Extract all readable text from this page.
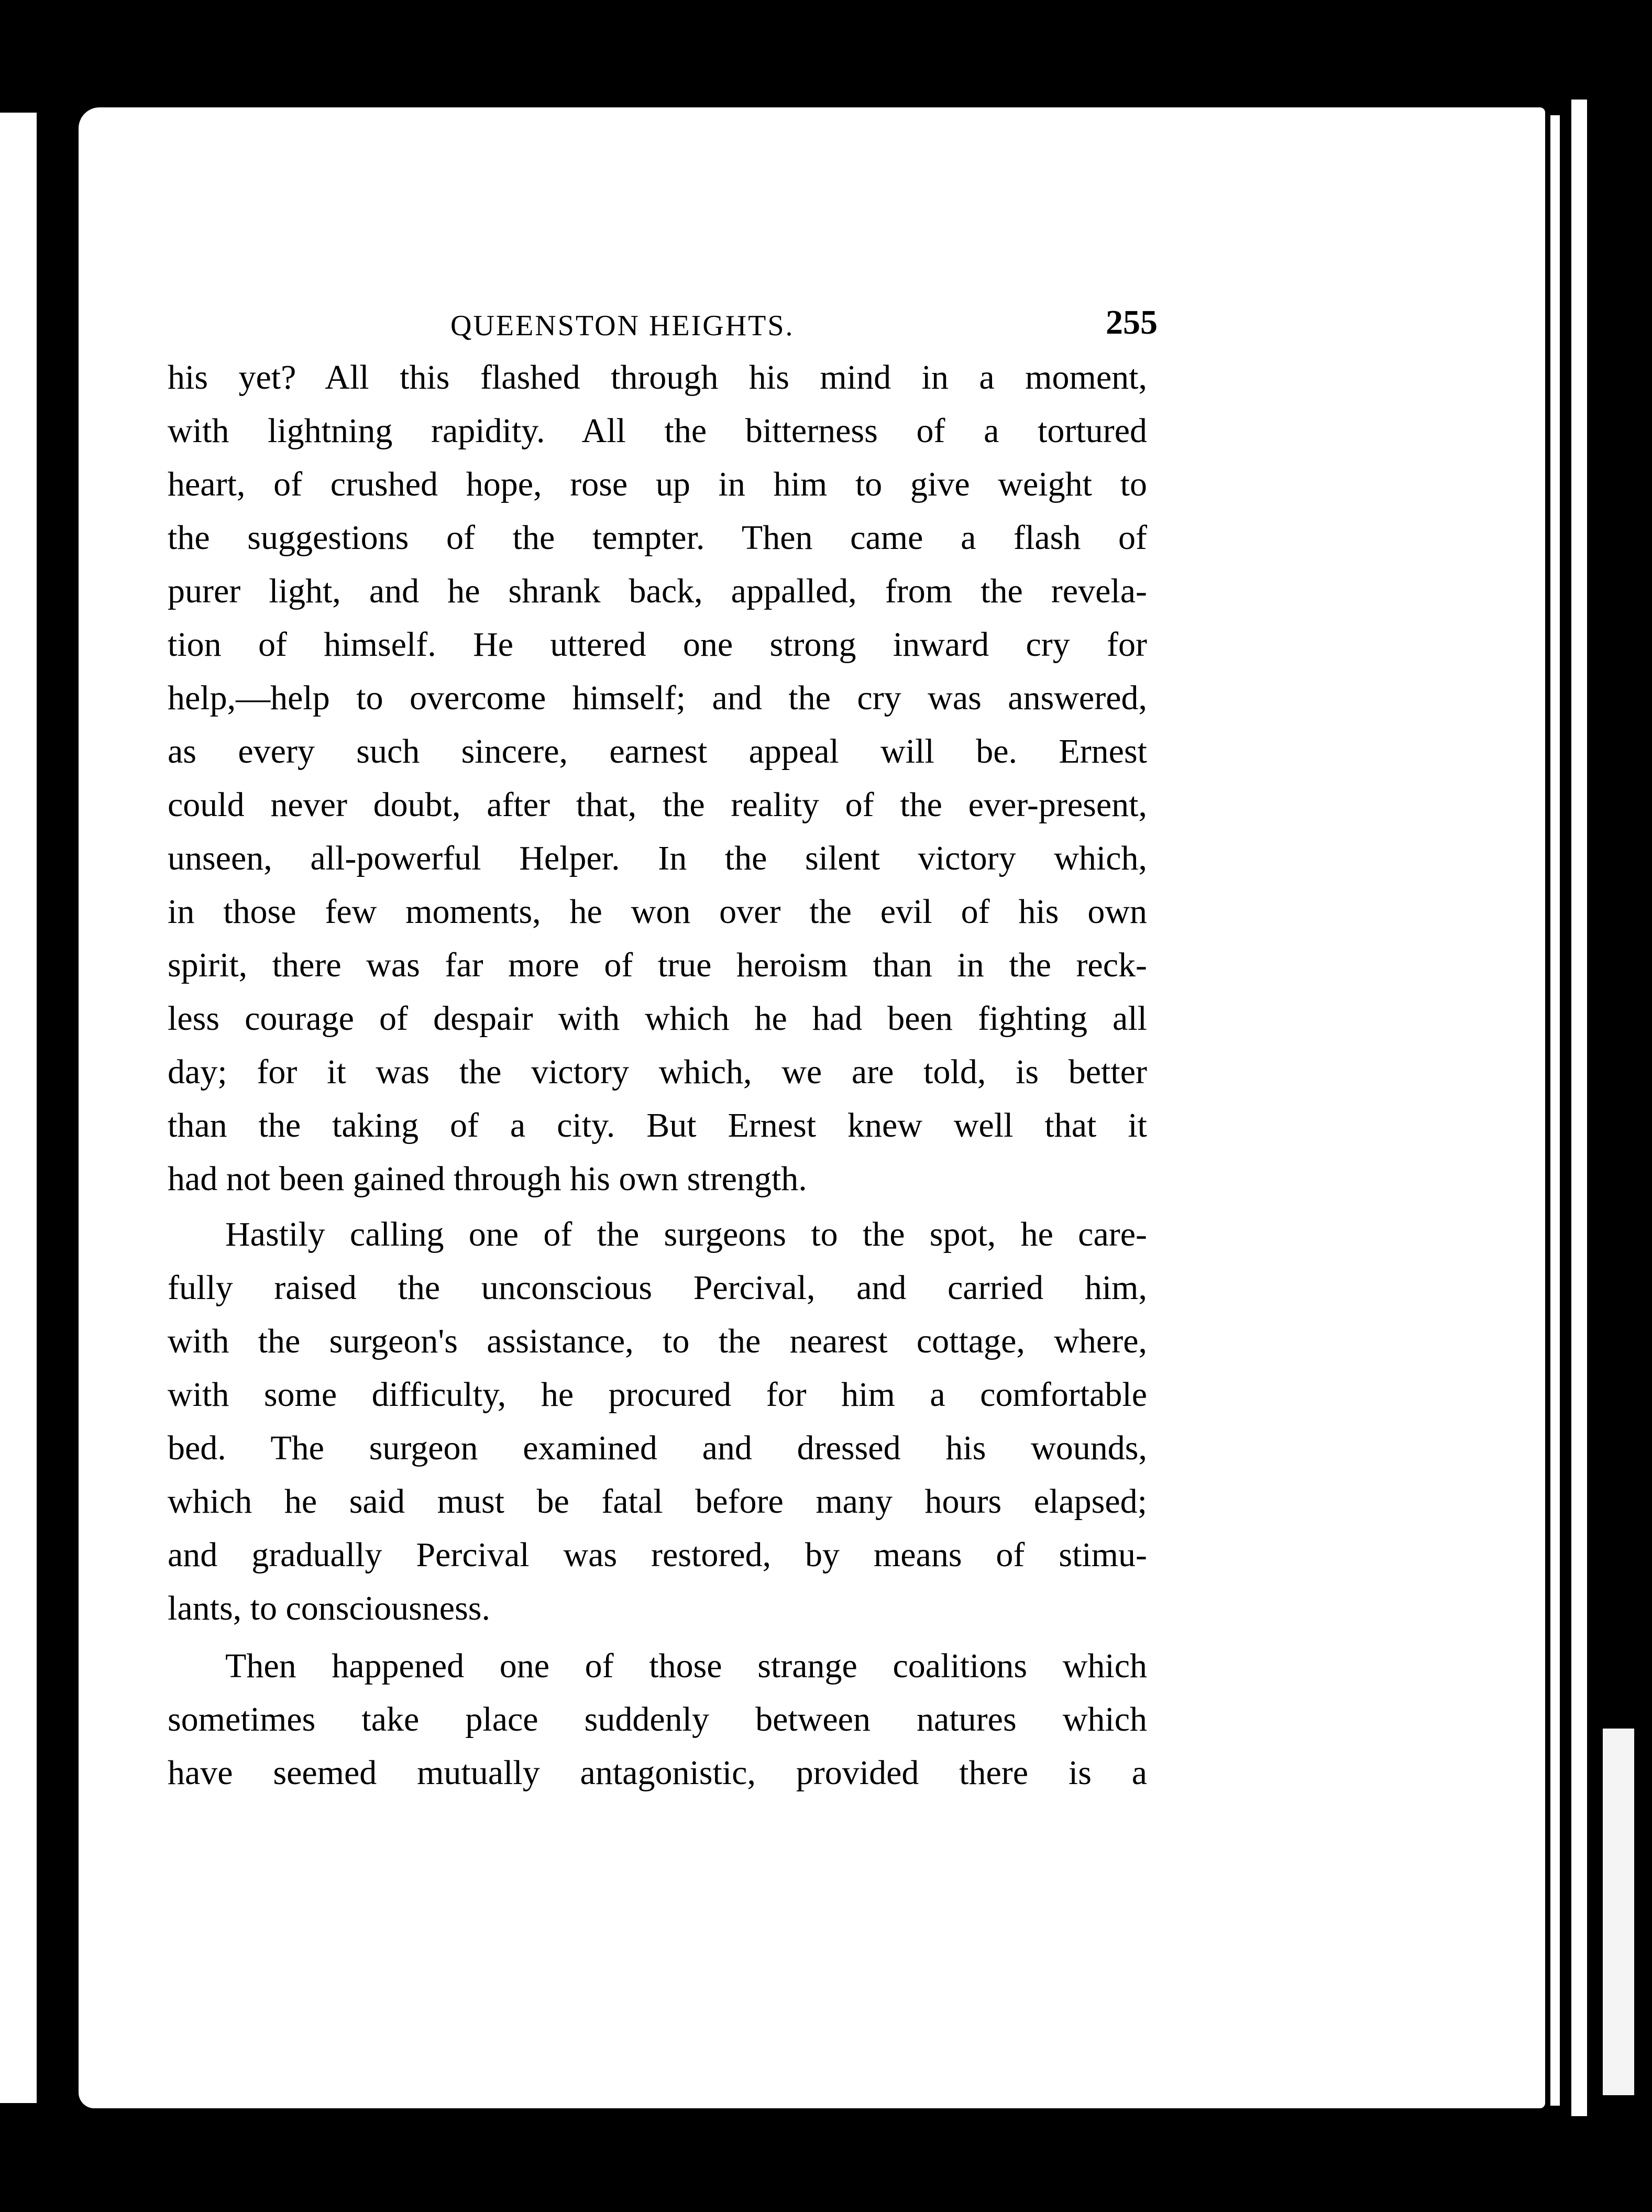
QUEENSTON HEIGHTS.	255

his yet? All this flashed through his mind in a moment,
with lightning rapidity. All the bitterness of a tortured
heart, of crushed hope, rose up in him to give weight to
the suggestions of the tempter. Then came a flash of
purer light, and he shrank back, appalled, from the revela-
tion of himself. He uttered one strong inward cry for
help,—help to overcome himself; and the cry was answered,
as every such sincere, earnest appeal will be. Ernest
could never doubt, after that, the reality of the ever-present,
unseen, all-powerful Helper. In the silent victory which,
in those few moments, he won over the evil of his own
spirit, there was far more of true heroism than in the reck-
less courage of despair with which he had been fighting all
day; for it was the victory which, we are told, is better
than the taking of a city. But Ernest knew well that it
had not been gained through his own strength.

Hastily calling one of the surgeons to the spot, he care-
fully raised the unconscious Percival, and carried him,
with the surgeon's assistance, to the nearest cottage, where,
with some difficulty, he procured for him a comfortable
bed. The surgeon examined and dressed his wounds,
which he said must be fatal before many hours elapsed;
and gradually Percival was restored, by means of stimu-
lants, to consciousness.

Then happened one of those strange coalitions which
sometimes take place suddenly between natures which
have seemed mutually antagonistic, provided there is a
